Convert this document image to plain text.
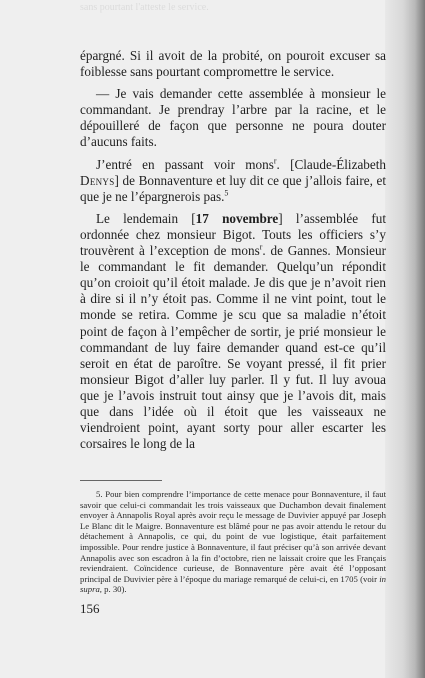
sans pourtant l'atteste le service.

épargné. Si il avoit de la probité, on pouroit excuser sa foiblesse sans pourtant compromettre le service.

— Je vais demander cette assemblée à monsieur le commandant. Je prendray l’arbre par la racine, et le dépouilleré de façon que personne ne poura douter d’aucuns faits.

J’entré en passant voir mons$^r$. [Claude-Élizabeth Denys] de Bonnaventure et luy dit ce que j’allois faire, et que je ne l’épargnerois pas.$^5$

Le lendemain [17 novembre] l’assemblée fut ordonnée chez monsieur Bigot. Touts les officiers s’y trouvèrent à l’exception de mons$^r$. de Gannes. Monsieur le commandant le fit demander. Quelqu’un répondit qu’on croioit qu’il étoit malade. Je dis que je n’avoit rien à dire si il n’y étoit pas. Comme il ne vint point, tout le monde se retira. Comme je scu que sa maladie n’étoit point de façon à l’empêcher de sortir, je prié monsieur le commandant de luy faire demander quand est-ce qu’il seroit en état de paroître. Se voyant pressé, il fit prier monsieur Bigot d’aller luy parler. Il y fut. Il luy avoua que je l’avois instruit tout ainsy que je l’avois dit, mais que dans l’idée où il étoit que les vaisseaux ne viendroient point, ayant sorty pour aller escarter les corsaires le long de la

5. Pour bien comprendre l’importance de cette menace pour Bonnaventure, il faut savoir que celui-ci commandait les trois vaisseaux que Duchambon devait finalement envoyer à Annapolis Royal après avoir reçu le message de Duvivier appuyé par Joseph Le Blanc dit le Maigre. Bonnaventure est blâmé pour ne pas avoir attendu le retour du détachement à Annapolis, ce qui, du point de vue logistique, était parfaitement impossible. Pour rendre justice à Bonnaventure, il faut préciser qu’à son arrivée devant Annapolis avec son escadron à la fin d’octobre, rien ne laissait croire que les Français reviendraient. Coïncidence curieuse, de Bonnaventure père avait été l’opposant principal de Duvivier père à l’époque du mariage remarqué de celui-ci, en 1705 (voir in supra, p. 30).
156
